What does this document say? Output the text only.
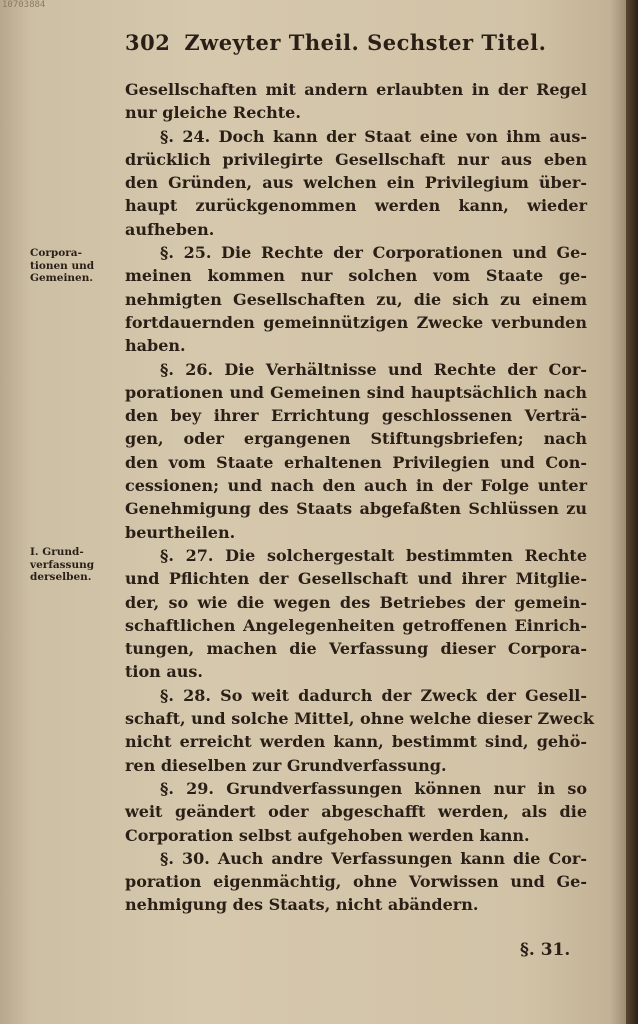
10703884
302 Zweyter Theil. Sechster Titel.
Corpora-
tionen und
Gemeinen.
I. Grund-
verfassung
derselben.
Gesellschaften mit andern erlaubten in der Regel
nur gleiche Rechte.
§. 24. Doch kann der Staat eine von ihm aus-
drücklich privilegirte Gesellschaft nur aus eben
den Gründen, aus welchen ein Privilegium über-
haupt zurückgenommen werden kann, wieder
aufheben.
§. 25. Die Rechte der Corporationen und Ge-
meinen kommen nur solchen vom Staate ge-
nehmigten Gesellschaften zu, die sich zu einem
fortdauernden gemeinnützigen Zwecke verbunden
haben.
§. 26. Die Verhältnisse und Rechte der Cor-
porationen und Gemeinen sind hauptsächlich nach
den bey ihrer Errichtung geschlossenen Verträ-
gen, oder ergangenen Stiftungsbriefen; nach
den vom Staate erhaltenen Privilegien und Con-
cessionen; und nach den auch in der Folge unter
Genehmigung des Staats abgefaßten Schlüssen zu
beurtheilen.
§. 27. Die solchergestalt bestimmten Rechte
und Pflichten der Gesellschaft und ihrer Mitglie-
der, so wie die wegen des Betriebes der gemein-
schaftlichen Angelegenheiten getroffenen Einrich-
tungen, machen die Verfassung dieser Corpora-
tion aus.
§. 28. So weit dadurch der Zweck der Gesell-
schaft, und solche Mittel, ohne welche dieser Zweck
nicht erreicht werden kann, bestimmt sind, gehö-
ren dieselben zur Grundverfassung.
§. 29. Grundverfassungen können nur in so
weit geändert oder abgeschafft werden, als die
Corporation selbst aufgehoben werden kann.
§. 30. Auch andre Verfassungen kann die Cor-
poration eigenmächtig, ohne Vorwissen und Ge-
nehmigung des Staats, nicht abändern.
§. 31.
